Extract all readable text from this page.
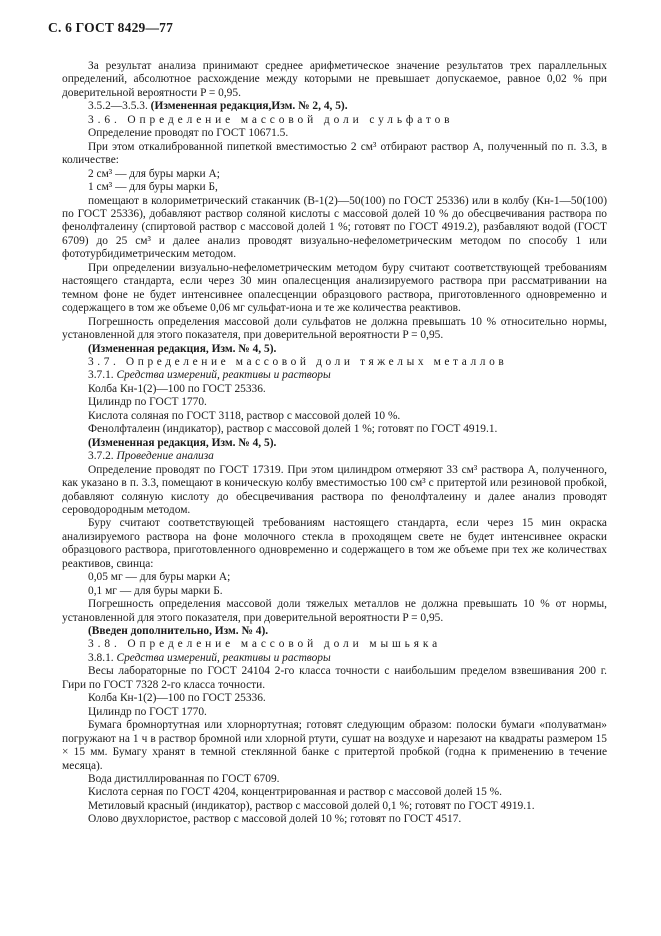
С. 6 ГОСТ 8429—77

За результат анализа принимают среднее арифметическое значение результатов трех параллельных определений, абсолютное расхождение между которыми не превышает допускаемое, равное 0,02 % при доверительной вероятности P = 0,95.

3.5.2—3.5.3. (Измененная редакция,Изм. № 2, 4, 5).

3.6. Определение массовой доли сульфатов

Определение проводят по ГОСТ 10671.5.

При этом откалиброванной пипеткой вместимостью 2 см³ отбирают раствор А, полученный по п. 3.3, в количестве:

2 см³ — для буры марки А;

1 см³ — для буры марки Б,

помещают в колориметрический стаканчик (В-1(2)—50(100) по ГОСТ 25336) или в колбу (Кн-1—50(100) по ГОСТ 25336), добавляют раствор соляной кислоты с массовой долей 10 % до обесцвечивания раствора по фенолфталеину (спиртовой раствор с массовой долей 1 %; готовят по ГОСТ 4919.2), разбавляют водой (ГОСТ 6709) до 25 см³ и далее анализ проводят визуально-нефелометрическим методом по способу 1 или фототурбидиметрическим методом.

При определении визуально-нефелометрическим методом буру считают соответствующей требованиям настоящего стандарта, если через 30 мин опалесценция анализируемого раствора при рассматривании на темном фоне не будет интенсивнее опалесценции образцового раствора, приготовленного одновременно и содержащего в том же объеме 0,06 мг сульфат-иона и те же количества реактивов.

Погрешность определения массовой доли сульфатов не должна превышать 10 % относительно нормы, установленной для этого показателя, при доверительной вероятности P = 0,95.

(Измененная редакция, Изм. № 4, 5).

3.7. Определение массовой доли тяжелых металлов

3.7.1. Средства измерений, реактивы и растворы

Колба Кн-1(2)—100 по ГОСТ 25336.

Цилиндр по ГОСТ 1770.

Кислота соляная по ГОСТ 3118, раствор с массовой долей 10 %.

Фенолфталеин (индикатор), раствор с массовой долей 1 %; готовят по ГОСТ 4919.1.

(Измененная редакция, Изм. № 4, 5).

3.7.2. Проведение анализа

Определение проводят по ГОСТ 17319. При этом цилиндром отмеряют 33 см³ раствора А, полученного, как указано в п. 3.3, помещают в коническую колбу вместимостью 100 см³ с притертой или резиновой пробкой, добавляют соляную кислоту до обесцвечивания раствора по фенолфталеину и далее анализ проводят сероводородным методом.

Буру считают соответствующей требованиям настоящего стандарта, если через 15 мин окраска анализируемого раствора на фоне молочного стекла в проходящем свете не будет интенсивнее окраски образцового раствора, приготовленного одновременно и содержащего в том же объеме при тех же количествах реактивов, свинца:

0,05 мг — для буры марки А;

0,1 мг — для буры марки Б.

Погрешность определения массовой доли тяжелых металлов не должна превышать 10 % от нормы, установленной для этого показателя, при доверительной вероятности P = 0,95.

(Введен дополнительно, Изм. № 4).

3.8. Определение массовой доли мышьяка

3.8.1. Средства измерений, реактивы и растворы

Весы лабораторные по ГОСТ 24104 2-го класса точности с наибольшим пределом взвешивания 200 г. Гири по ГОСТ 7328 2-го класса точности.

Колба Кн-1(2)—100 по ГОСТ 25336.

Цилиндр по ГОСТ 1770.

Бумага бромнортутная или хлорнортутная; готовят следующим образом: полоски бумаги «полуватман» погружают на 1 ч в раствор бромной или хлорной ртути, сушат на воздухе и нарезают на квадраты размером 15 × 15 мм. Бумагу хранят в темной стеклянной банке с притертой пробкой (годна к применению в течение месяца).

Вода дистиллированная по ГОСТ 6709.

Кислота серная по ГОСТ 4204, концентрированная и раствор с массовой долей 15 %.

Метиловый красный (индикатор), раствор с массовой долей 0,1 %; готовят по ГОСТ 4919.1.

Олово двухлористое, раствор с массовой долей 10 %; готовят по ГОСТ 4517.
